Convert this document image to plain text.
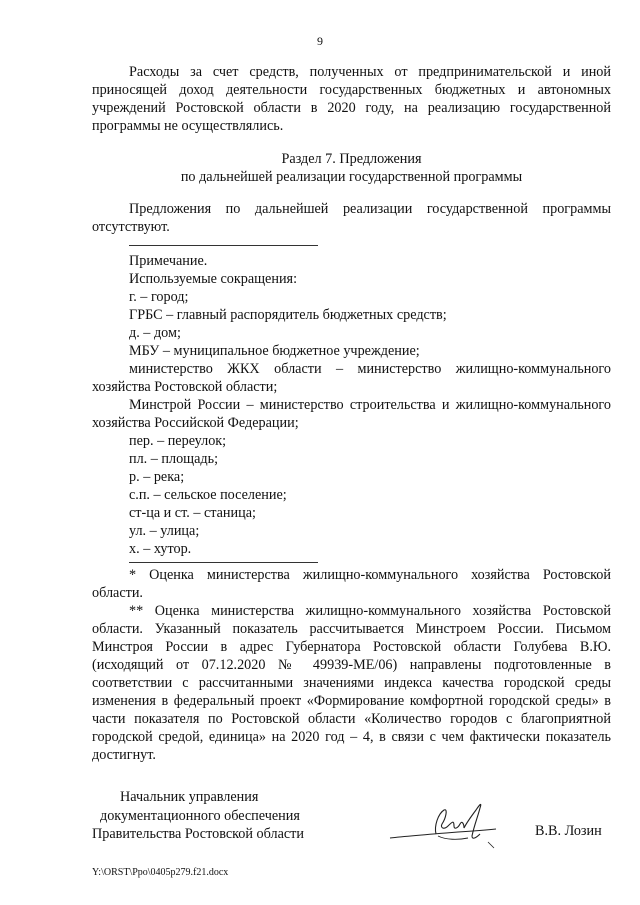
9
Расходы за счет средств, полученных от предпринимательской и иной приносящей доход деятельности государственных бюджетных и автономных учреждений Ростовской области в 2020 году, на реализацию государственной программы не осуществлялись.
Раздел 7. Предложения
по дальнейшей реализации государственной программы
Предложения по дальнейшей реализации государственной программы отсутствуют.
Примечание.
Используемые сокращения:
г. – город;
ГРБС – главный распорядитель бюджетных средств;
д. – дом;
МБУ – муниципальное бюджетное учреждение;
министерство ЖКХ области – министерство жилищно-коммунального хозяйства Ростовской области;
Минстрой России – министерство строительства и жилищно-коммунального хозяйства Российской Федерации;
пер. – переулок;
пл. – площадь;
р. – река;
с.п. – сельское поселение;
ст-ца и ст. – станица;
ул. – улица;
х. – хутор.
* Оценка министерства жилищно-коммунального хозяйства Ростовской области.
** Оценка министерства жилищно-коммунального хозяйства Ростовской области. Указанный показатель рассчитывается Минстроем России. Письмом Минстроя России в адрес Губернатора Ростовской области Голубева В.Ю. (исходящий от 07.12.2020 № 49939-МЕ/06) направлены подготовленные в соответствии с рассчитанными значениями индекса качества городской среды изменения в федеральный проект «Формирование комфортной городской среды» в части показателя по Ростовской области «Количество городов с благоприятной городской средой, единица» на 2020 год – 4, в связи с чем фактически показатель достигнут.
Начальник управления
документационного обеспечения
Правительства Ростовской области	В.В. Лозин
Y:\ORST\Ppo\0405p279.f21.docx
